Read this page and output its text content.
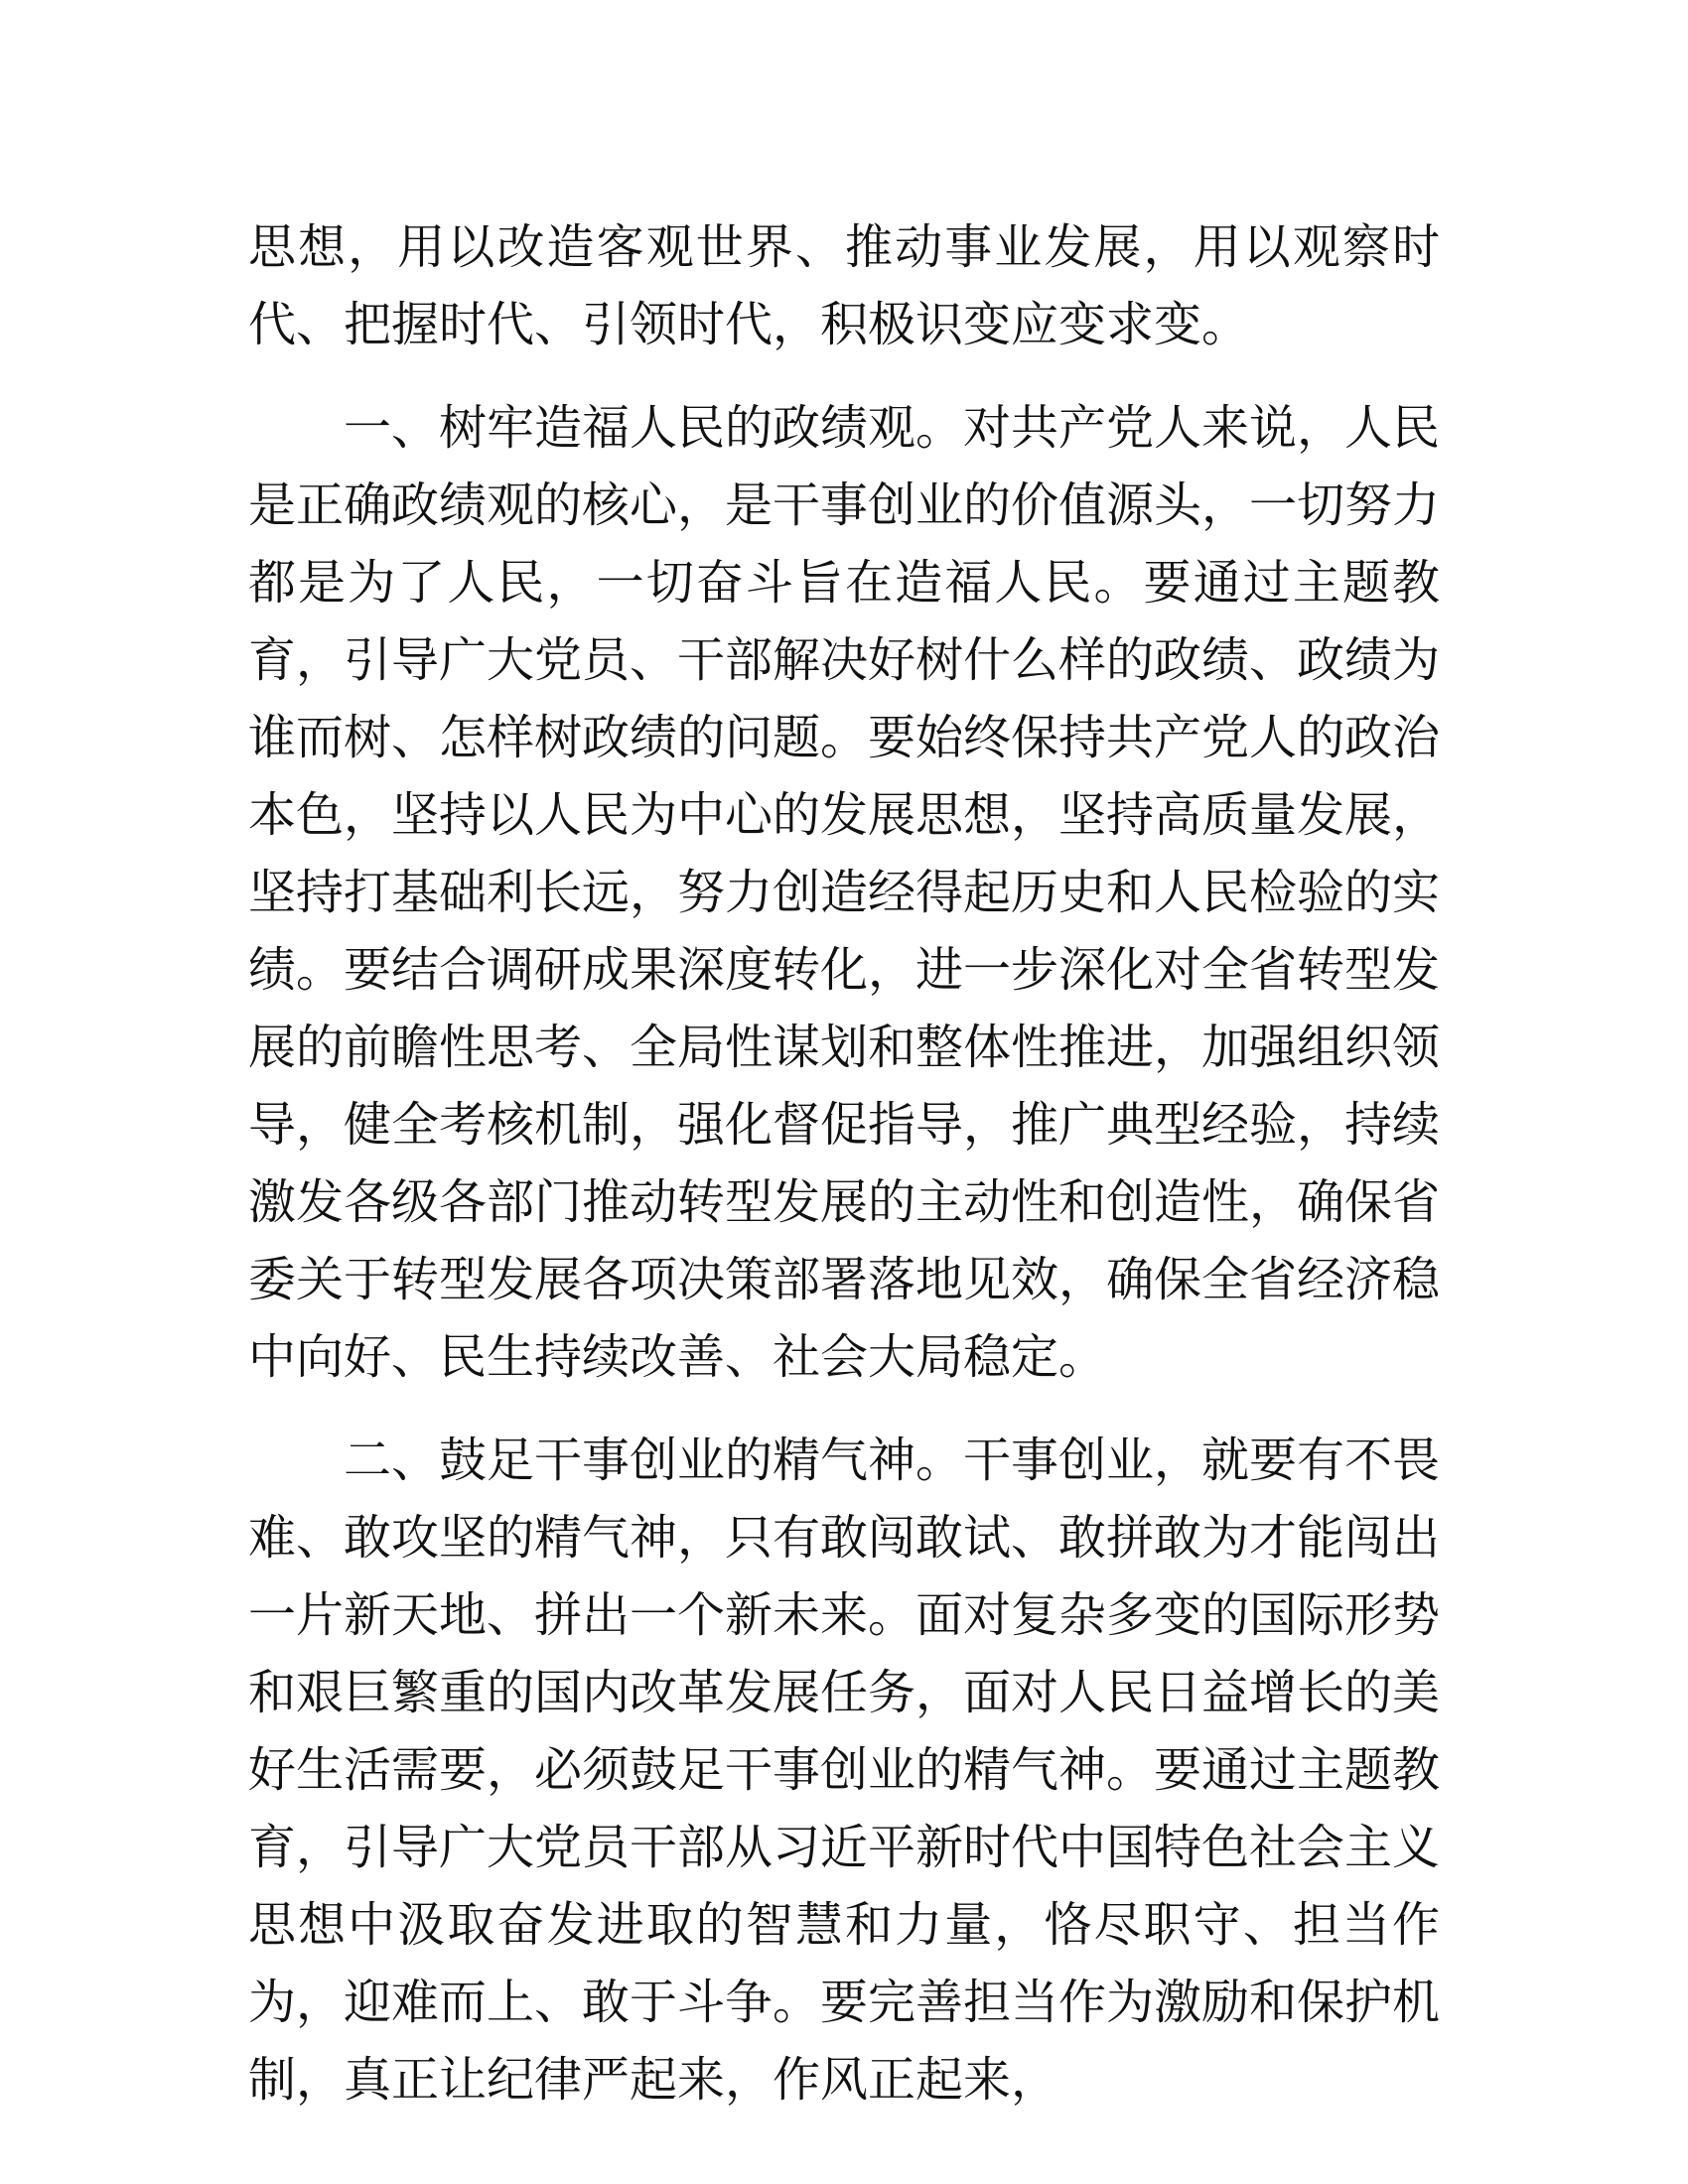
思想，用以改造客观世界、推动事业发展，用以观察时代、把握时代、引领时代，积极识变应变求变。

一、树牢造福人民的政绩观。对共产党人来说，人民是正确政绩观的核心，是干事创业的价值源头，一切努力都是为了人民，一切奋斗旨在造福人民。要通过主题教育，引导广大党员、干部解决好树什么样的政绩、政绩为谁而树、怎样树政绩的问题。要始终保持共产党人的政治本色，坚持以人民为中心的发展思想，坚持高质量发展，坚持打基础利长远，努力创造经得起历史和人民检验的实绩。要结合调研成果深度转化，进一步深化对全省转型发展的前瞻性思考、全局性谋划和整体性推进，加强组织领导，健全考核机制，强化督促指导，推广典型经验，持续激发各级各部门推动转型发展的主动性和创造性，确保省委关于转型发展各项决策部署落地见效，确保全省经济稳中向好、民生持续改善、社会大局稳定。

二、鼓足干事创业的精气神。干事创业，就要有不畏难、敢攻坚的精气神，只有敢闯敢试、敢拼敢为才能闯出一片新天地、拼出一个新未来。面对复杂多变的国际形势和艰巨繁重的国内改革发展任务，面对人民日益增长的美好生活需要，必须鼓足干事创业的精气神。要通过主题教育，引导广大党员干部从习近平新时代中国特色社会主义思想中汲取奋发进取的智慧和力量，恪尽职守、担当作为，迎难而上、敢于斗争。要完善担当作为激励和保护机制，真正让纪律严起来，作风正起来，
